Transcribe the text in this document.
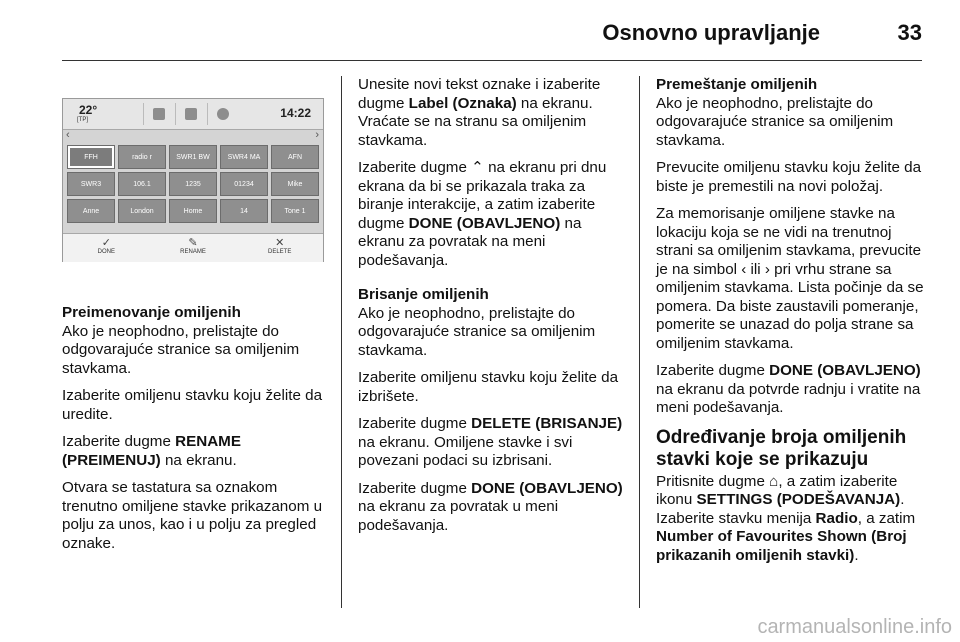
Osnovno upravljanje	33
22°
[TP]	14:22
‹	›
FFH	radio r	SWR1 BW	SWR4 MA	AFN
SWR3	106.1	1235	01234	Mike
Anne	London	Home	14	Tone 1
✓
DONE
✎
RENAME
✕
DELETE
Preimenovanje omiljenih

Ako je neophodno, prelistajte do odgovarajuće stranice sa omiljenim stavkama.

Izaberite omiljenu stavku koju želite da uredite.

Izaberite dugme RENAME (PREIMENUJ) na ekranu.

Otvara se tastatura sa oznakom trenutno omiljene stavke prikazanom u polju za unos, kao i u polju za pregled oznake.

Unesite novi tekst oznake i izaberite dugme Label (Oznaka) na ekranu. Vraćate se na stranu sa omiljenim stavkama.

Izaberite dugme ⌃ na ekranu pri dnu ekrana da bi se prikazala traka za biranje interakcije, a zatim izaberite dugme DONE (OBAVLJENO) na ekranu za povratak na meni podešavanja.

Brisanje omiljenih

Ako je neophodno, prelistajte do odgovarajuće stranice sa omiljenim stavkama.

Izaberite omiljenu stavku koju želite da izbrišete.

Izaberite dugme DELETE (BRISANJE) na ekranu. Omiljene stavke i svi povezani podaci su izbrisani.

Izaberite dugme DONE (OBAVLJENO) na ekranu za povratak u meni podešavanja.

Premeštanje omiljenih

Ako je neophodno, prelistajte do odgovarajuće stranice sa omiljenim stavkama.

Prevucite omiljenu stavku koju želite da biste je premestili na novi položaj.

Za memorisanje omiljene stavke na lokaciju koja se ne vidi na trenutnoj strani sa omiljenim stavkama, prevucite je na simbol ‹ ili › pri vrhu strane sa omiljenim stavkama. Lista počinje da se pomera. Da biste zaustavili pomeranje, pomerite se unazad do polja strane sa omiljenim stavkama.

Izaberite dugme DONE (OBAVLJENO) na ekranu da potvrde radnju i vratite na meni podešavanja.

Određivanje broja omiljenih stavki koje se prikazuju

Pritisnite dugme ⌂, a zatim izaberite ikonu SETTINGS (PODEŠAVANJA).

Izaberite stavku menija Radio, a zatim Number of Favourites Shown (Broj prikazanih omiljenih stavki).

carmanualsonline.info
